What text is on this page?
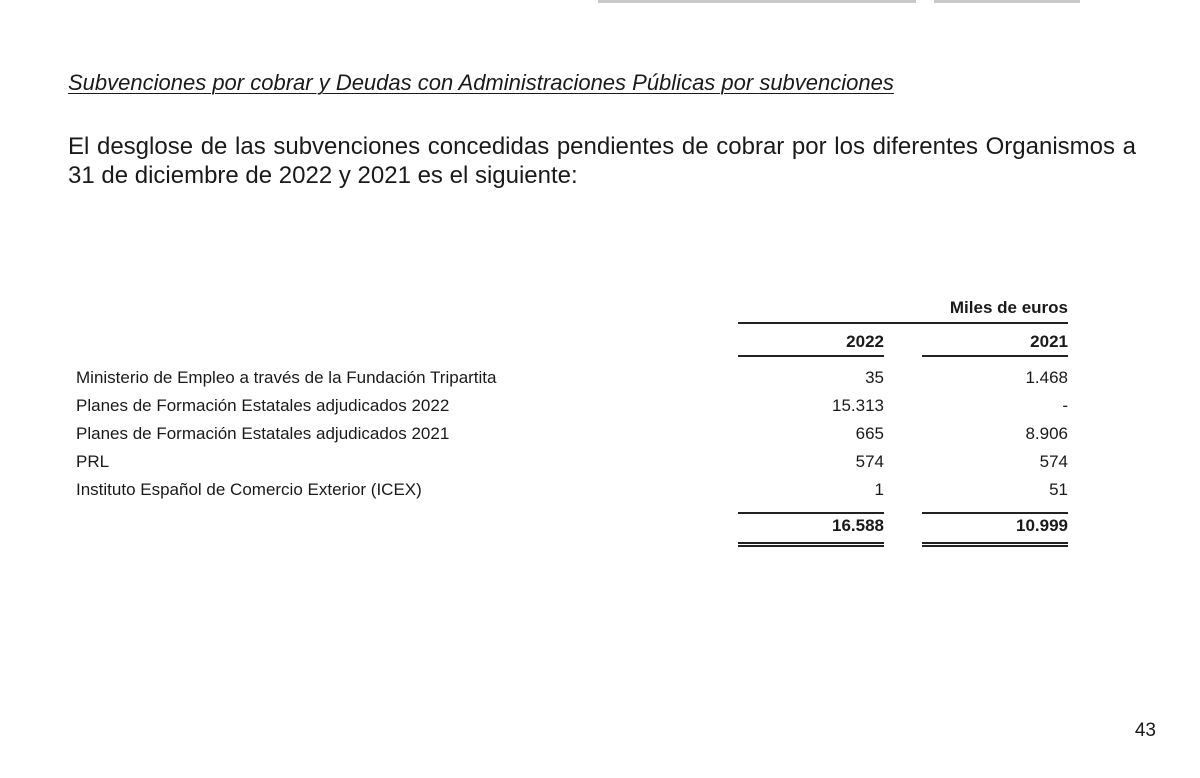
Subvenciones por cobrar y Deudas con Administraciones Públicas por subvenciones
El desglose de las subvenciones concedidas pendientes de cobrar por los diferentes Organismos a 31 de diciembre de 2022 y 2021 es el siguiente:
Miles de euros
2022	2021
Ministerio de Empleo a través de la Fundación Tripartita	35	1.468
Planes de Formación Estatales adjudicados 2022	15.313	-
Planes de Formación Estatales adjudicados 2021	665	8.906
PRL	574	574
Instituto Español de Comercio Exterior (ICEX)	1	51
16.588	10.999
43
